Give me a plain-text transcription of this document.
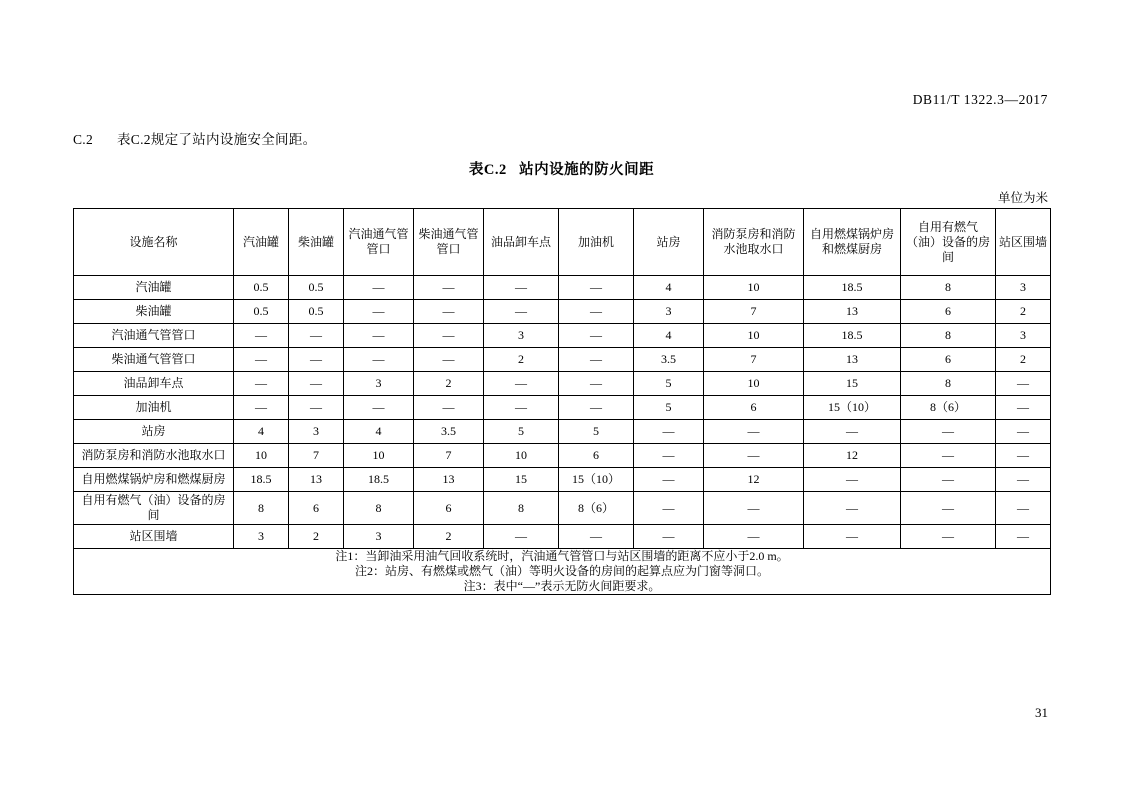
DB11/T 1322.3—2017
C.2 表C.2规定了站内设施安全间距。
表C.2 站内设施的防火间距
单位为米
设施名称	汽油罐	柴油罐	汽油通气管管口	柴油通气管管口	油品卸车点	加油机	站房	消防泵房和消防水池取水口	自用燃煤锅炉房和燃煤厨房	自用有燃气（油）设备的房间	站区围墙
汽油罐	0.5	0.5	—	—	—	—	4	10	18.5	8	3
柴油罐	0.5	0.5	—	—	—	—	3	7	13	6	2
汽油通气管管口	—	—	—	—	3	—	4	10	18.5	8	3
柴油通气管管口	—	—	—	—	2	—	3.5	7	13	6	2
油品卸车点	—	—	3	2	—	—	5	10	15	8	—
加油机	—	—	—	—	—	—	5	6	15（10）	8（6）	—
站房	4	3	4	3.5	5	5	—	—	—	—	—
消防泵房和消防水池取水口	10	7	10	7	10	6	—	—	12	—	—
自用燃煤锅炉房和燃煤厨房	18.5	13	18.5	13	15	15（10）	—	12	—	—	—
自用有燃气（油）设备的房间	8	6	8	6	8	8（6）	—	—	—	—	—
站区围墙	3	2	3	2	—	—	—	—	—	—	—

注1：当卸油采用油气回收系统时，汽油通气管管口与站区围墙的距离不应小于2.0 m。
注2：站房、有燃煤或燃气（油）等明火设备的房间的起算点应为门窗等洞口。
注3：表中“—”表示无防火间距要求。											
31
